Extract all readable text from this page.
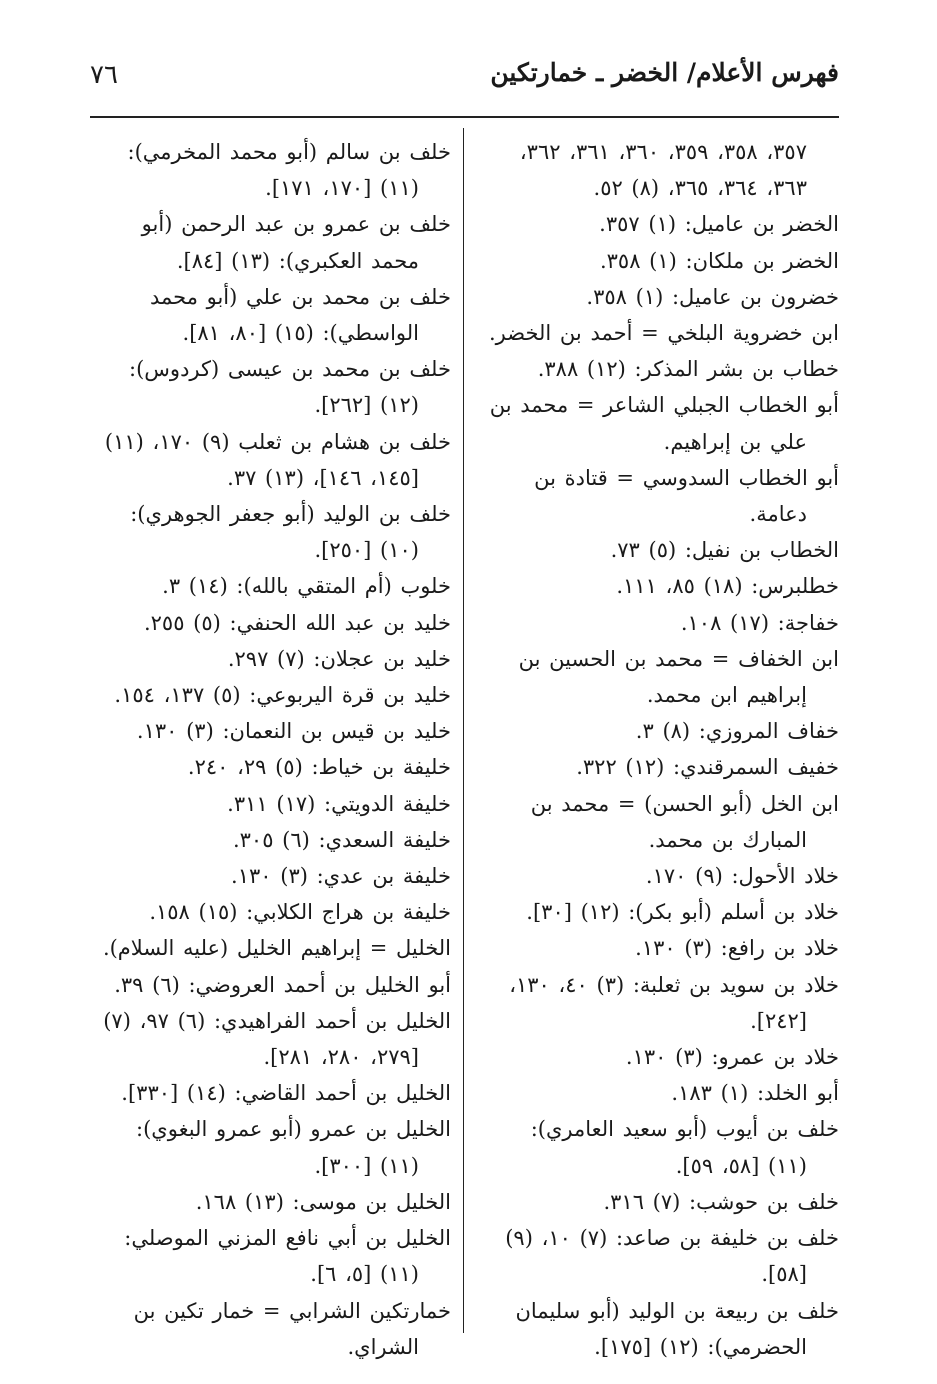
٧٦	فهرس الأعلام/ الخضر ـ خمارتكين

٣٥٧، ٣٥٨، ٣٥٩، ٣٦٠، ٣٦١، ٣٦٢، ٣٦٣، ٣٦٤، ٣٦٥، (٨) ٥٢.

الخضر بن عاميل: (١) ٣٥٧.

الخضر بن ملكان: (١) ٣٥٨.

خضرون بن عاميل: (١) ٣٥٨.

ابن خضروية البلخي = أحمد بن الخضر.

خطاب بن بشر المذكر: (١٢) ٣٨٨.

أبو الخطاب الجبلي الشاعر = محمد بن علي بن إبراهيم.

أبو الخطاب السدوسي = قتادة بن دعامة.

الخطاب بن نفيل: (٥) ٧٣.

خطلبرس: (١٨) ٨٥، ١١١.

خفاجة: (١٧) ١٠٨.

ابن الخفاف = محمد بن الحسين بن إبراهيم ابن محمد.

خفاف المروزي: (٨) ٣.

خفيف السمرقندي: (١٢) ٣٢٢.

ابن الخل (أبو الحسن) = محمد بن المبارك بن محمد.

خلاد الأحول: (٩) ١٧٠.

خلاد بن أسلم (أبو بكر): (١٢) [٣٠].

خلاد بن رافع: (٣) ١٣٠.

خلاد بن سويد بن ثعلبة: (٣) ٤٠، ١٣٠، [٢٤٢].

خلاد بن عمرو: (٣) ١٣٠.

أبو الخلد: (١) ١٨٣.

خلف بن أيوب (أبو سعيد العامري): (١١) [٥٨، ٥٩].

خلف بن حوشب: (٧) ٣١٦.

خلف بن خليفة بن صاعد: (٧) ١٠، (٩) [٥٨].

خلف بن ربيعة بن الوليد (أبو سليمان الحضرمي): (١٢) [١٧٥].

خلف بن سالم (أبو محمد المخرمي): (١١) [١٧٠، ١٧١].

خلف بن عمرو بن عبد الرحمن (أبو محمد العكبري): (١٣) [٨٤].

خلف بن محمد بن علي (أبو محمد الواسطي): (١٥) [٨٠، ٨١].

خلف بن محمد بن عيسى (كردوس): (١٢) [٢٦٢].

خلف بن هشام بن ثعلب (٩) ١٧٠، (١١) [١٤٥، ١٤٦]، (١٣) ٣٧.

خلف بن الوليد (أبو جعفر الجوهري): (١٠) [٢٥٠].

خلوب (أم المتقي بالله): (١٤) ٣.

خليد بن عبد الله الحنفي: (٥) ٢٥٥.

خليد بن عجلان: (٧) ٢٩٧.

خليد بن قرة اليربوعي: (٥) ١٣٧، ١٥٤.

خليد بن قيس بن النعمان: (٣) ١٣٠.

خليفة بن خياط: (٥) ٢٩، ٢٤٠.

خليفة الدويتي: (١٧) ٣١١.

خليفة السعدي: (٦) ٣٠٥.

خليفة بن عدي: (٣) ١٣٠.

خليفة بن هراج الكلابي: (١٥) ١٥٨.

الخليل = إبراهيم الخليل (عليه السلام).

أبو الخليل بن أحمد العروضي: (٦) ٣٩.

الخليل بن أحمد الفراهيدي: (٦) ٩٧، (٧) [٢٧٩، ٢٨٠، ٢٨١].

الخليل بن أحمد القاضي: (١٤) [٣٣٠].

الخليل بن عمرو (أبو عمرو البغوي): (١١) [٣٠٠].

الخليل بن موسى: (١٣) ١٦٨.

الخليل بن أبي نافع المزني الموصلي: (١١) [٥، ٦].

خمارتكين الشرابي = خمار تكين بن الشراي.
